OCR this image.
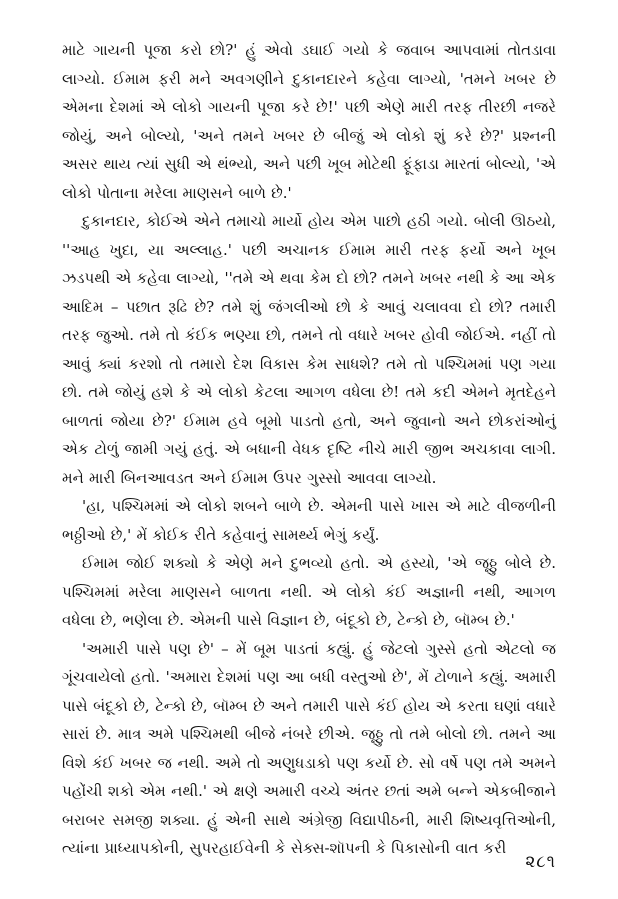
માટે ગાયની પૂજા કરો છો?' હું એવો ડઘાઈ ગયો કે જવાબ આપવામાં તોતડાવા લાગ્યો. ઈમામ ફરી મને અવગણીને દુકાનદારને કહેવા લાગ્યો, 'તમને ખબર છે એમના દેશમાં એ લોકો ગાયની પૂજા કરે છે!' પછી એણે મારી તરફ તીરછી નજરે જોયું, અને બોલ્યો, 'અને તમને ખબર છે બીજું એ લોકો શું કરે છે?' પ્રશ્નની અસર થાય ત્યાં સુધી એ થંભ્યો, અને પછી ખૂબ મોટેથી ફૂંફાડા મારતાં બોલ્યો, 'એ લોકો પોતાના મરેલા માણસને બાળે છે.'

દુકાનદાર, કોઈએ એને તમાચો માર્યો હોય એમ પાછો હઠી ગયો. બોલી ઊઠયો, ''આહ ખુદા, યા અલ્લાહ.' પછી અચાનક ઈમામ મારી તરફ ફર્યો અને ખૂબ ઝડપથી એ કહેવા લાગ્યો, ''તમે એ થવા કેમ દો છો? તમને ખબર નથી કે આ એક આદિમ – પછાત રૂઢિ છે? તમે શું જંગલીઓ છો કે આવું ચલાવવા દો છો? તમારી તરફ જુઓ. તમે તો કંઈક ભણ્યા છો, તમને તો વધારે ખબર હોવી જોઈએ. નહીં તો આવું ક્યાં કરશો તો તમારો દેશ વિકાસ કેમ સાધશે? તમે તો પશ્ચિમમાં પણ ગયા છો. તમે જોયું હશે કે એ લોકો કેટલા આગળ વધેલા છે! તમે કદી એમને મૃતદેહને બાળતાં જોયા છે?' ઈમામ હવે બૂમો પાડતો હતો, અને જુવાનો અને છોકરાંઓનું એક ટોળું જામી ગયું હતું. એ બધાની વેધક દૃષ્ટિ નીચે મારી જીભ અચકાવા લાગી. મને મારી બિનઆવડત અને ઈમામ ઉપર ગુસ્સો આવવા લાગ્યો.

'હા, પશ્ચિમમાં એ લોકો શબને બાળે છે. એમની પાસે ખાસ એ માટે વીજળીની ભઠ્ઠીઓ છે,' મેં કોઈક રીતે કહેવાનું સામર્થ્ય ભેગું કર્યું.

ઈમામ જોઈ શક્યો કે એણે મને દુભવ્યો હતો. એ હસ્યો, 'એ જૂઠ્ઠુ બોલે છે. પશ્ચિમમાં મરેલા માણસને બાળતા નથી. એ લોકો કંઈ અજ્ઞાની નથી, આગળ વધેલા છે, ભણેલા છે. એમની પાસે વિજ્ઞાન છે, બંદૂકો છે, ટેન્કો છે, બૉમ્બ છે.'

'અમારી પાસે પણ છે' – મેં બૂમ પાડતાં કહ્યું. હું જેટલો ગુસ્સે હતો એટલો જ ગૂંચવાયેલો હતો. 'અમારા દેશમાં પણ આ બધી વસ્તુઓ છે', મેં ટોળાને કહ્યું. અમારી પાસે બંદૂકો છે, ટેન્કો છે, બૉમ્બ છે અને તમારી પાસે કંઈ હોય એ કરતા ઘણાં વધારે સારાં છે. માત્ર અમે પશ્ચિમથી બીજે નંબરે છીએ. જૂઠ્ઠુ તો તમે બોલો છો. તમને આ વિશે કંઈ ખબર જ નથી. અમે તો અણુધડાકો પણ કર્યો છે. સો વર્ષે પણ તમે અમને પહોંચી શકો એમ નથી.' એ ક્ષણે અમારી વચ્ચે અંતર છતાં અમે બન્ને એકબીજાને બરાબર સમજી શક્યા. હું એની સાથે અંગ્રેજી વિદ્યાપીઠની, મારી શિષ્યવૃત્તિઓની, ત્યાંના પ્રાધ્યાપકોની, સુપરહાઈવેની કે સેક્સ-શૉપની કે પિકાસોની વાત કરી

૨૮૧
